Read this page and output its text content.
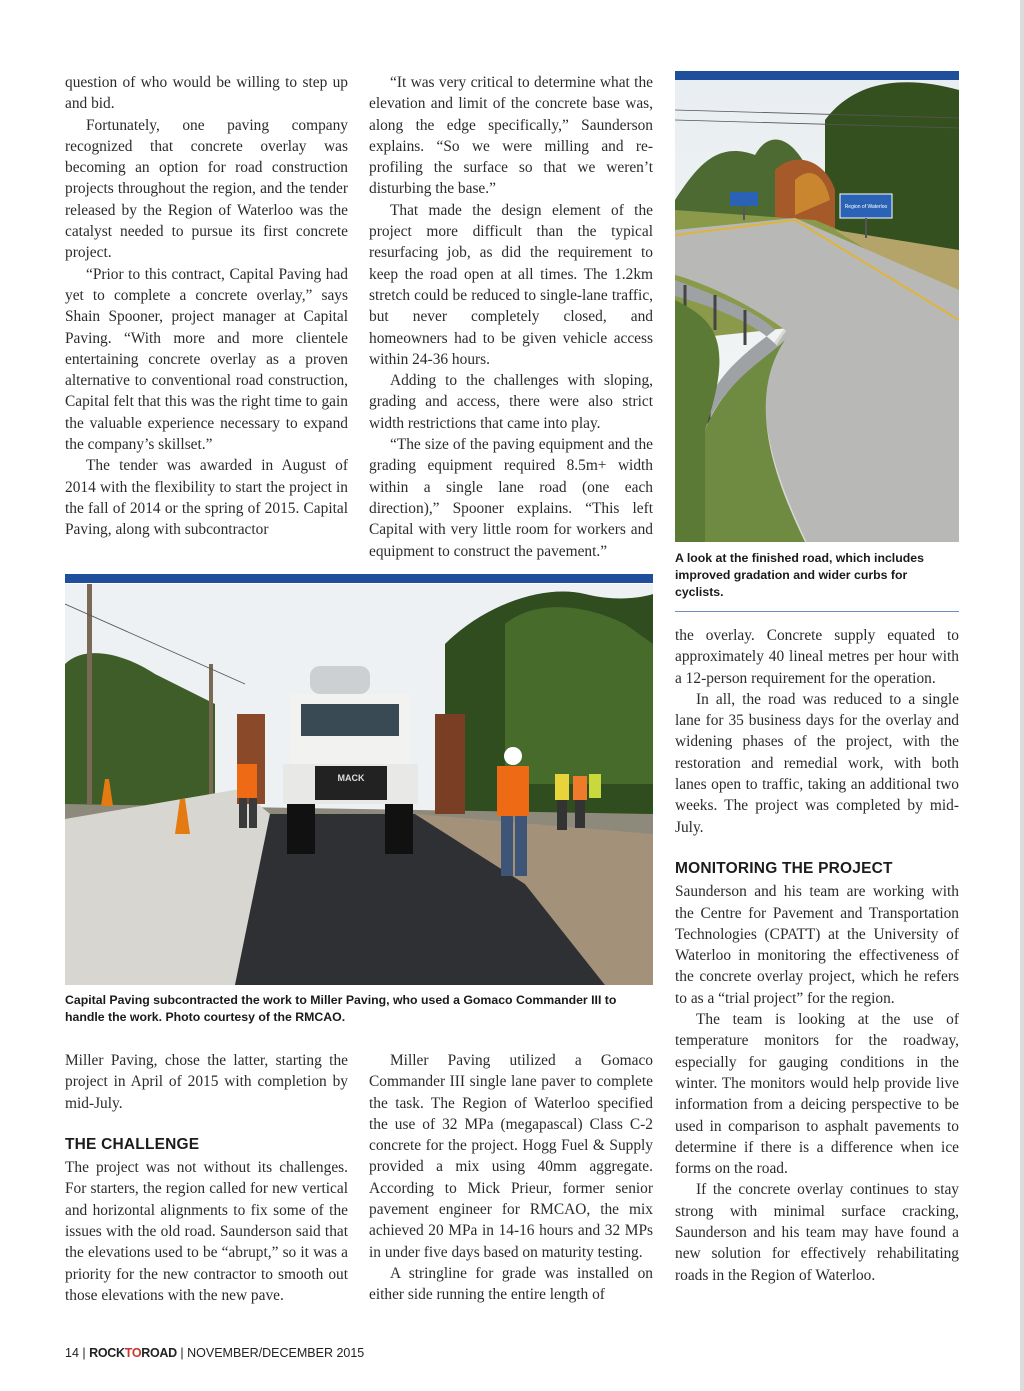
question of who would be willing to step up and bid.

Fortunately, one paving company recognized that concrete overlay was becoming an option for road construction projects throughout the region, and the tender released by the Region of Waterloo was the catalyst needed to pursue its first concrete project.

“Prior to this contract, Capital Paving had yet to complete a concrete overlay,” says Shain Spooner, project manager at Capital Paving. “With more and more clientele entertaining concrete overlay as a proven alternative to conventional road construction, Capital felt that this was the right time to gain the valuable experience necessary to expand the company’s skillset.”

The tender was awarded in August of 2014 with the flexibility to start the project in the fall of 2014 or the spring of 2015. Capital Paving, along with subcontractor

“It was very critical to determine what the elevation and limit of the concrete base was, along the edge specifically,” Saunderson explains. “So we were milling and re-profiling the surface so that we weren’t disturbing the base.”

That made the design element of the project more difficult than the typical resurfacing job, as did the requirement to keep the road open at all times. The 1.2km stretch could be reduced to single-lane traffic, but never completely closed, and homeowners had to be given vehicle access within 24-36 hours.

Adding to the challenges with sloping, grading and access, there were also strict width restrictions that came into play.

“The size of the paving equipment and the grading equipment required 8.5m+ width within a single lane road (one each direction),” Spooner explains. “This left Capital with very little room for workers and equipment to construct the pavement.”

Region of Waterloo

A look at the finished road, which includes improved gradation and wider curbs for cyclists.

MACK

Capital Paving subcontracted the work to Miller Paving, who used a Gomaco Commander III to handle the work. Photo courtesy of the RMCAO.

Miller Paving, chose the latter, starting the project in April of 2015 with completion by mid-July.

THE CHALLENGE

The project was not without its challenges. For starters, the region called for new vertical and horizontal alignments to fix some of the issues with the old road. Saunderson said that the elevations used to be “abrupt,” so it was a priority for the new contractor to smooth out those elevations with the new pave.

Miller Paving utilized a Gomaco Commander III single lane paver to complete the task. The Region of Waterloo specified the use of 32 MPa (megapascal) Class C-2 concrete for the project. Hogg Fuel & Supply provided a mix using 40mm aggregate. According to Mick Prieur, former senior pavement engineer for RMCAO, the mix achieved 20 MPa in 14-16 hours and 32 MPs in under five days based on maturity testing.

A stringline for grade was installed on either side running the entire length of

the overlay. Concrete supply equated to approximately 40 lineal metres per hour with a 12-person requirement for the operation.

In all, the road was reduced to a single lane for 35 business days for the overlay and widening phases of the project, with the restoration and remedial work, with both lanes open to traffic, taking an additional two weeks. The project was completed by mid-July.

MONITORING THE PROJECT

Saunderson and his team are working with the Centre for Pavement and Transportation Technologies (CPATT) at the University of Waterloo in monitoring the effectiveness of the concrete overlay project, which he refers to as a “trial project” for the region.

The team is looking at the use of temperature monitors for the roadway, especially for gauging conditions in the winter. The monitors would help provide live information from a deicing perspective to be used in comparison to asphalt pavements to determine if there is a difference when ice forms on the road.

If the concrete overlay continues to stay strong with minimal surface cracking, Saunderson and his team may have found a new solution for effectively rehabilitating roads in the Region of Waterloo.

14 | ROCKTOROAD | NOVEMBER/DECEMBER 2015
